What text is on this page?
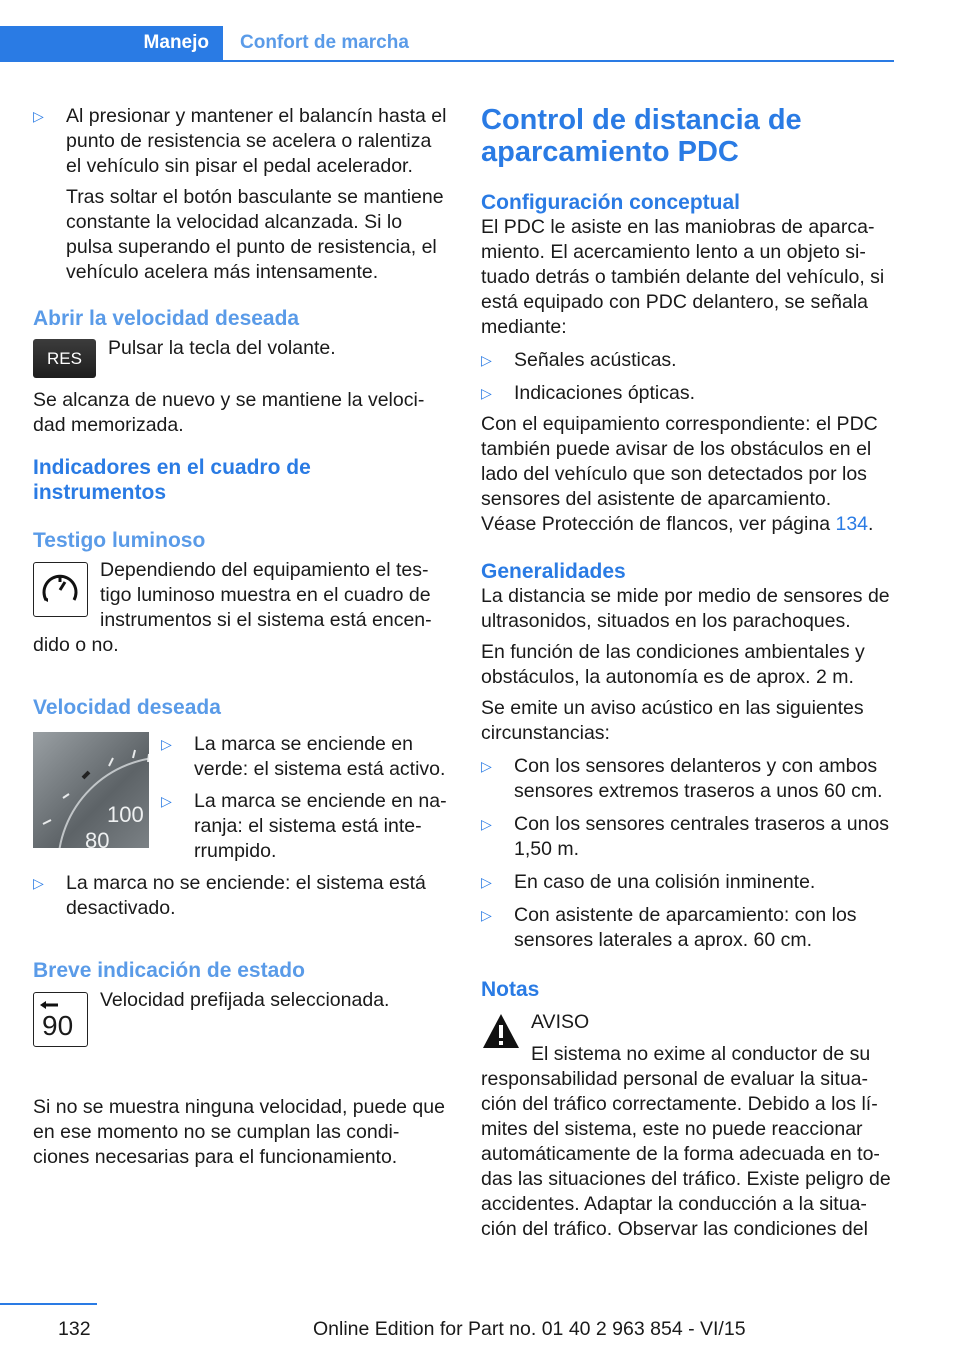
Manejo	Confort de marcha
▷	Al presionar y mantener el balancín hasta el punto de resistencia se acelera o ralentiza el vehículo sin pisar el pedal acelerador.

Tras soltar el botón basculante se mantiene constante la velocidad alcanzada. Si lo pulsa superando el punto de resistencia, el vehículo acelera más intensamente.

Abrir la velocidad deseada
RES Pulsar la tecla del volante.

Se alcanza de nuevo y se mantiene la velocidad memorizada.

Indicadores en el cuadro de instrumentos
Testigo luminoso

Dependiendo del equipamiento el testigo luminoso muestra en el cuadro de instrumentos si el sistema está encendido o no.

Velocidad deseada
100
80
▷	La marca se enciende en verde: el sistema está activo.
▷	La marca se enciende en naranja: el sistema está interrumpido.
▷	La marca no se enciende: el sistema está desactivado.
Breve indicación de estado
90

Velocidad prefijada seleccionada.

Si no se muestra ninguna velocidad, puede que en ese momento no se cumplan las condiciones necesarias para el funcionamiento.

Control de distancia de aparcamiento PDC
Configuración conceptual

El PDC le asiste en las maniobras de aparcamiento. El acercamiento lento a un objeto situado detrás o también delante del vehículo, si está equipado con PDC delantero, se señala mediante:

▷	Señales acústicas.
▷	Indicaciones ópticas.

Con el equipamiento correspondiente: el PDC también puede avisar de los obstáculos en el lado del vehículo que son detectados por los sensores del asistente de aparcamiento.

Véase Protección de flancos, ver página 134.

Generalidades

La distancia se mide por medio de sensores de ultrasonidos, situados en los parachoques.

En función de las condiciones ambientales y obstáculos, la autonomía es de aprox. 2 m.

Se emite un aviso acústico en las siguientes circunstancias:

▷	Con los sensores delanteros y con ambos sensores extremos traseros a unos 60 cm.
▷	Con los sensores centrales traseros a unos 1,50 m.
▷	En caso de una colisión inminente.
▷	Con asistente de aparcamiento: con los sensores laterales a aprox. 60 cm.
Notas

AVISO

El sistema no exime al conductor de su responsabilidad personal de evaluar la situación del tráfico correctamente. Debido a los límites del sistema, este no puede reaccionar automáticamente de la forma adecuada en todas las situaciones del tráfico. Existe peligro de accidentes. Adaptar la conducción a la situación del tráfico. Observar las condiciones del

132	Online Edition for Part no. 01 40 2 963 854 - VI/15
